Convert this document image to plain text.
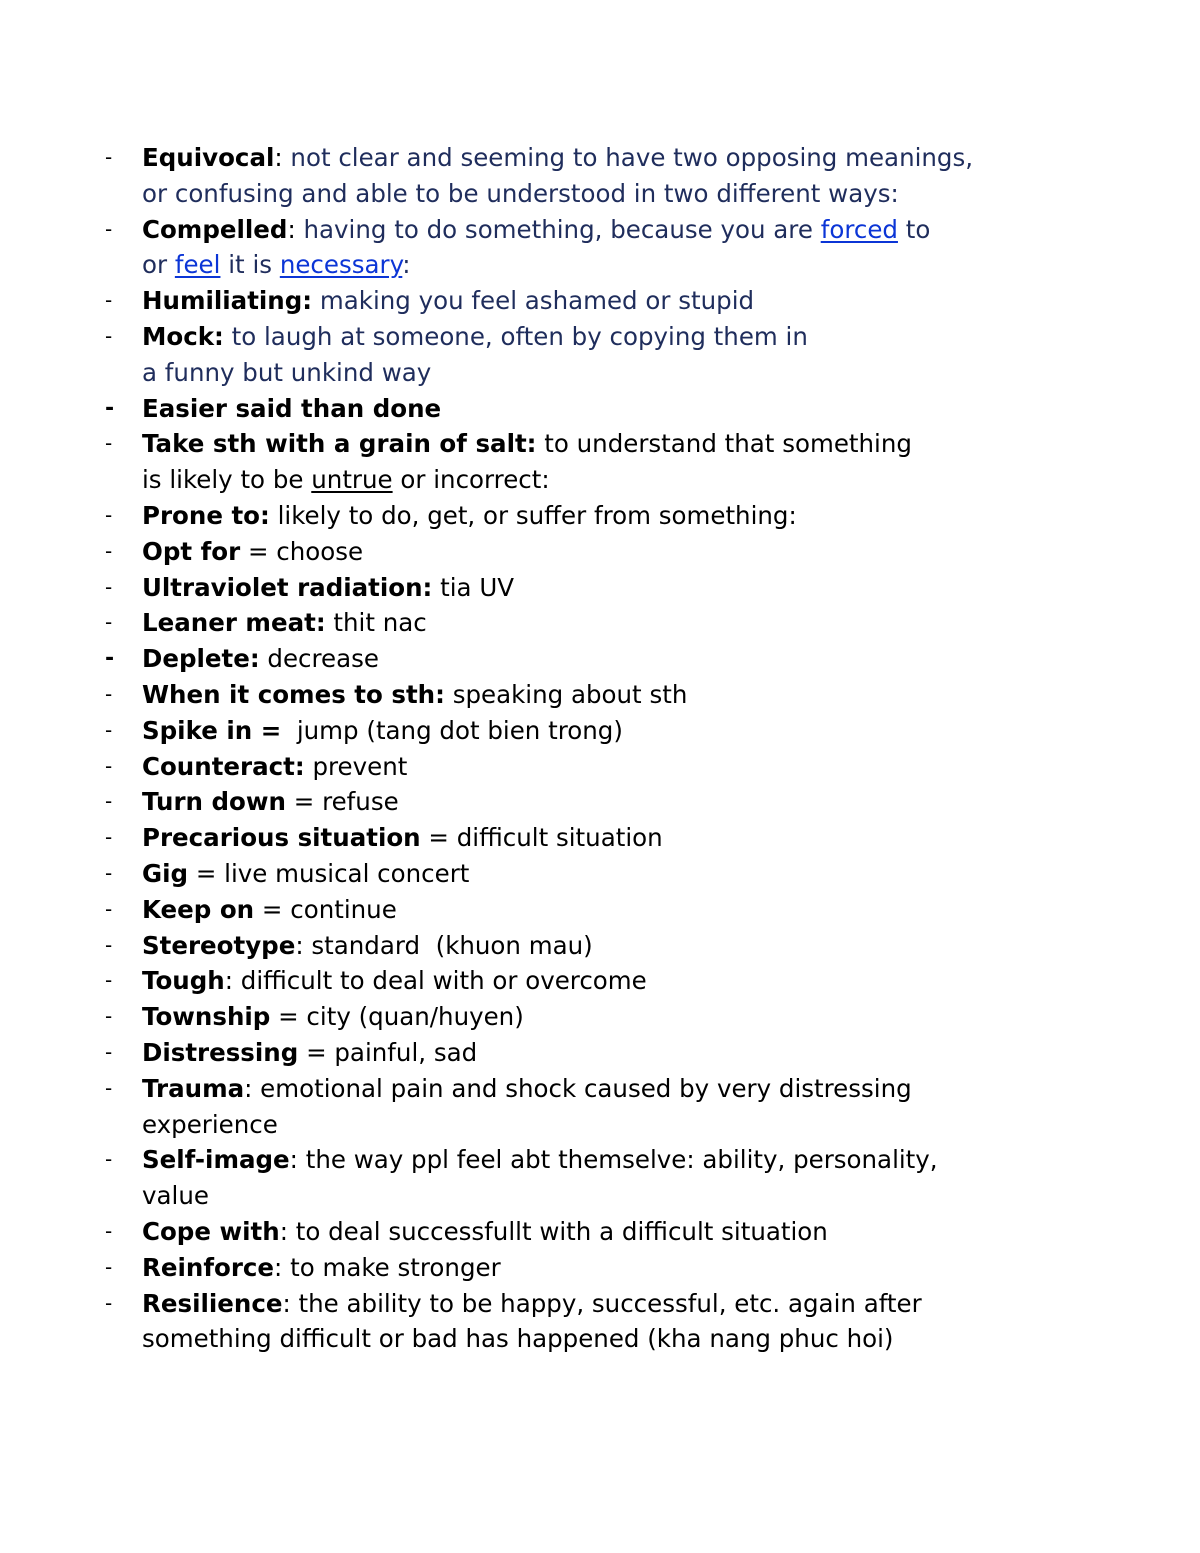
- Equivocal: not clear and seeming to have two opposing meanings,
or confusing and able to be understood in two different ways:
- Compelled: having to do something, because you are forced to
or feel it is necessary:
- Humiliating: making you feel ashamed or stupid
- Mock: to laugh at someone, often by copying them in
a funny but unkind way
- Easier said than done
- Take sth with a grain of salt: to understand that something
is likely to be untrue or incorrect:
- Prone to: likely to do, get, or suffer from something:
- Opt for = choose
- Ultraviolet radiation: tia UV
- Leaner meat: thit nac
- Deplete: decrease
- When it comes to sth: speaking about sth
- Spike in =  jump (tang dot bien trong)
- Counteract: prevent
- Turn down = refuse
- Precarious situation = difficult situation
- Gig = live musical concert
- Keep on = continue
- Stereotype: standard  (khuon mau)
- Tough: difficult to deal with or overcome
- Township = city (quan/huyen)
- Distressing = painful, sad
- Trauma: emotional pain and shock caused by very distressing
experience
- Self-image: the way ppl feel abt themselve: ability, personality,
value
- Cope with: to deal successfullt with a difficult situation
- Reinforce: to make stronger
- Resilience: the ability to be happy, successful, etc. again after
something difficult or bad has happened (kha nang phuc hoi)
